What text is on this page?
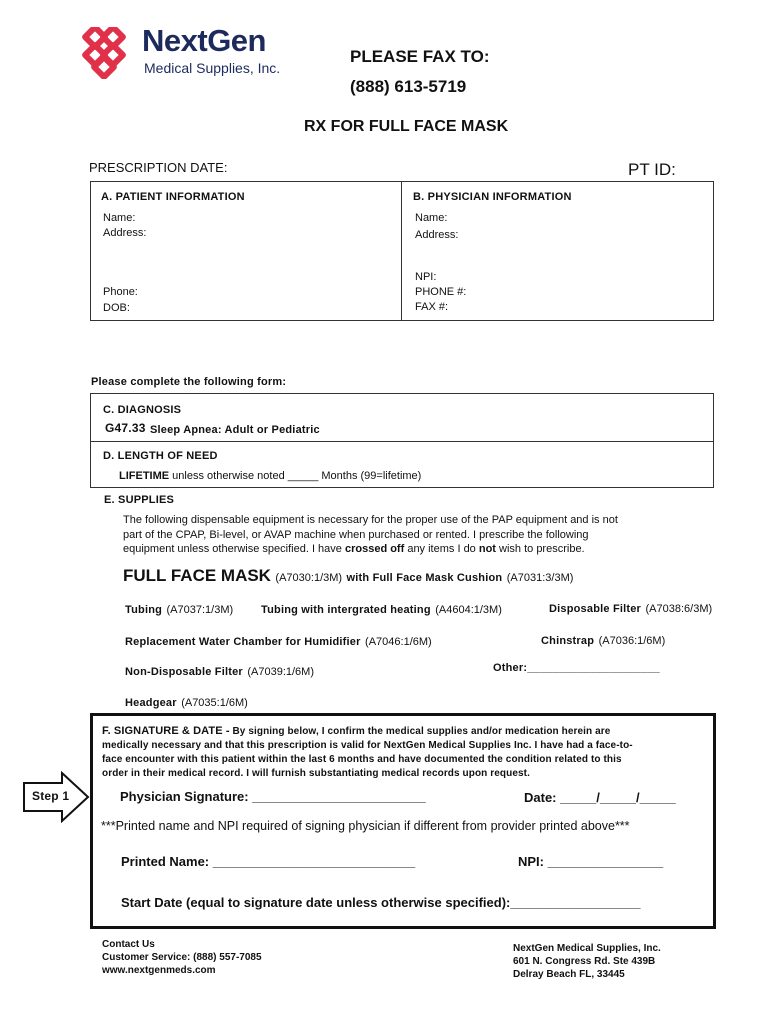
NextGen
Medical Supplies, Inc.
PLEASE FAX TO:
(888) 613-5719
RX FOR FULL FACE MASK
PRESCRIPTION DATE:	PT ID:
A. PATIENT INFORMATION
Name:
Address:
Phone:
DOB:
B. PHYSICIAN INFORMATION
Name:
Address:
NPI:
PHONE #:
FAX #:
Please complete the following form:
C. DIAGNOSIS
G47.33 Sleep Apnea: Adult or Pediatric
D. LENGTH OF NEED
LIFETIME unless otherwise noted _____ Months (99=lifetime)
E. SUPPLIES
The following dispensable equipment is necessary for the proper use of the PAP equipment and is not
part of the CPAP, Bi-level, or AVAP machine when purchased or rented. I prescribe the following
equipment unless otherwise specified. I have crossed off any items I do not wish to prescribe.
FULL FACE MASK (A7030:1/3M) with Full Face Mask Cushion (A7031:3/3M)
Tubing (A7037:1/3M)	Tubing with intergrated heating (A4604:1/3M)	Disposable Filter (A7038:6/3M)
Replacement Water Chamber for Humidifier (A7046:1/6M)	Chinstrap (A7036:1/6M)
Non-Disposable Filter (A7039:1/6M)	Other:_____________________
Headgear (A7035:1/6M)
F. SIGNATURE & DATE - By signing below, I confirm the medical supplies and/or medication herein are
medically necessary and that this prescription is valid for NextGen Medical Supplies Inc. I have had a face-to-
face encounter with this patient within the last 6 months and have documented the condition related to this
order in their medical record. I will furnish substantiating medical records upon request.
Physician Signature: ________________________	Date: _____/_____/_____
***Printed name and NPI required of signing physician if different from provider printed above***
Printed Name: ____________________________	NPI: ________________
Start Date (equal to signature date unless otherwise specified):__________________
Step 1
Contact Us
Customer Service: (888) 557-7085
www.nextgenmeds.com
NextGen Medical Supplies, Inc.
601 N. Congress Rd. Ste 439B
Delray Beach FL, 33445
